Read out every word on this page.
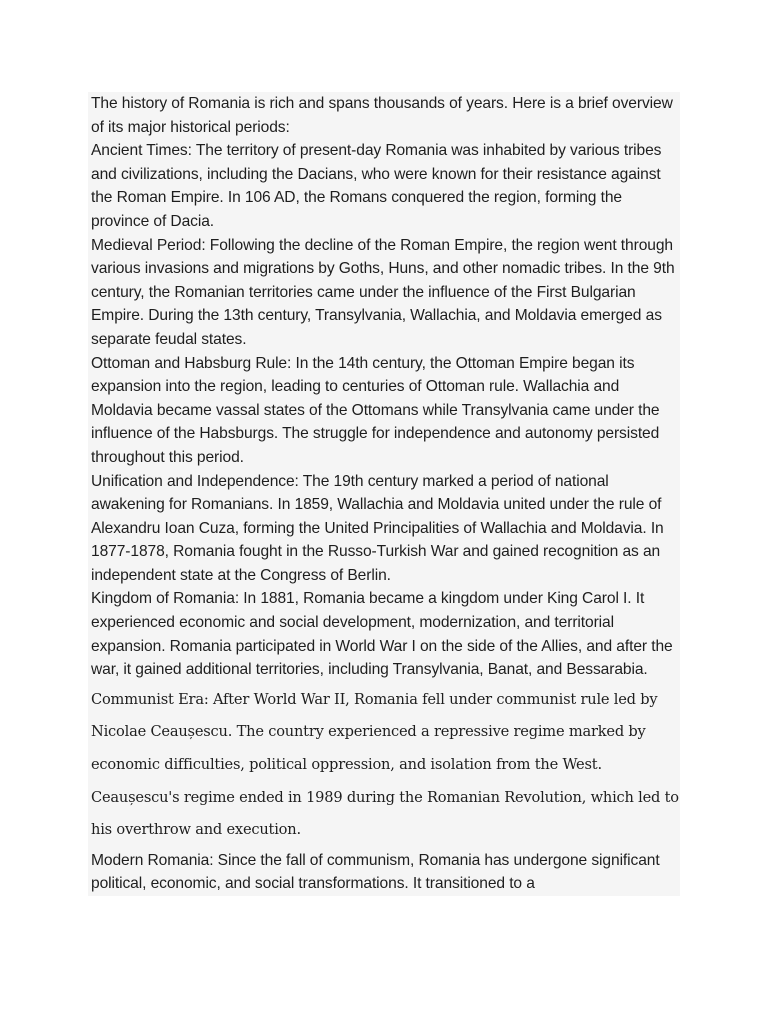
The history of Romania is rich and spans thousands of years. Here is a brief overview of its major historical periods:

Ancient Times: The territory of present-day Romania was inhabited by various tribes and civilizations, including the Dacians, who were known for their resistance against the Roman Empire. In 106 AD, the Romans conquered the region, forming the province of Dacia.

Medieval Period: Following the decline of the Roman Empire, the region went through various invasions and migrations by Goths, Huns, and other nomadic tribes. In the 9th century, the Romanian territories came under the influence of the First Bulgarian Empire. During the 13th century, Transylvania, Wallachia, and Moldavia emerged as separate feudal states.

Ottoman and Habsburg Rule: In the 14th century, the Ottoman Empire began its expansion into the region, leading to centuries of Ottoman rule. Wallachia and Moldavia became vassal states of the Ottomans while Transylvania came under the influence of the Habsburgs. The struggle for independence and autonomy persisted throughout this period.

Unification and Independence: The 19th century marked a period of national awakening for Romanians. In 1859, Wallachia and Moldavia united under the rule of Alexandru Ioan Cuza, forming the United Principalities of Wallachia and Moldavia. In 1877-1878, Romania fought in the Russo-Turkish War and gained recognition as an independent state at the Congress of Berlin.

Kingdom of Romania: In 1881, Romania became a kingdom under King Carol I. It experienced economic and social development, modernization, and territorial expansion. Romania participated in World War I on the side of the Allies, and after the war, it gained additional territories, including Transylvania, Banat, and Bessarabia.

Communist Era: After World War II, Romania fell under communist rule led by Nicolae Ceaușescu. The country experienced a repressive regime marked by economic difficulties, political oppression, and isolation from the West. Ceaușescu's regime ended in 1989 during the Romanian Revolution, which led to his overthrow and execution.

Modern Romania: Since the fall of communism, Romania has undergone significant political, economic, and social transformations. It transitioned to a
